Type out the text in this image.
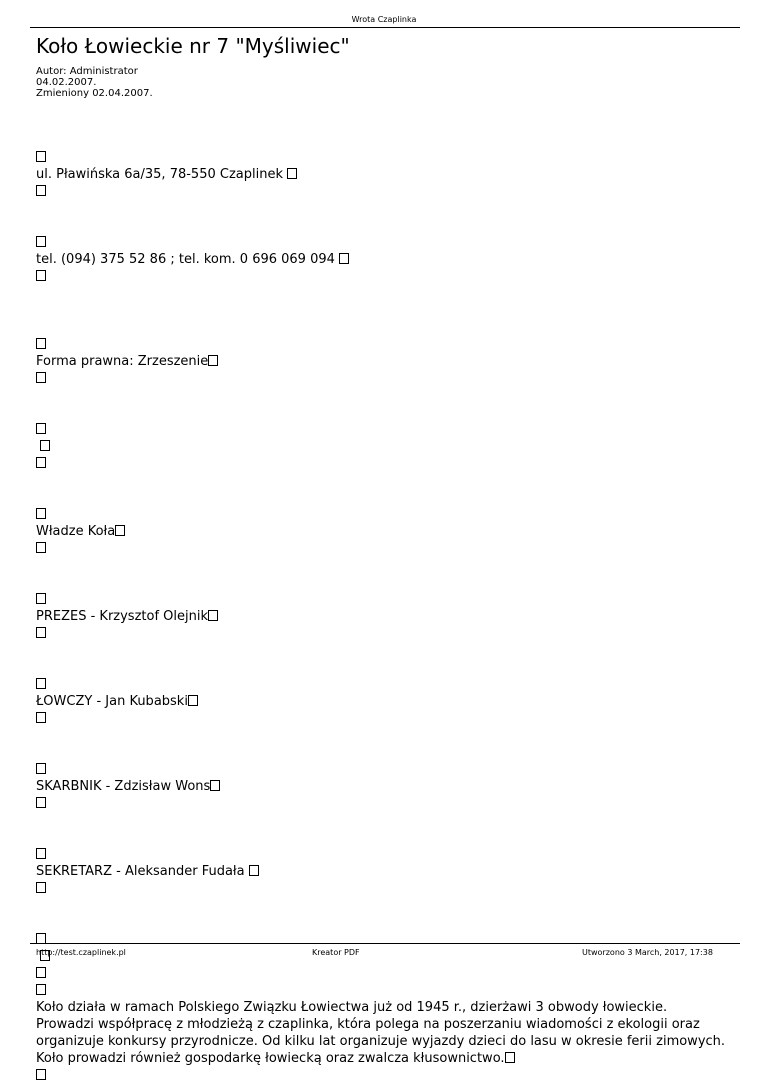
Wrota Czaplinka
Koło Łowieckie nr 7 "Myśliwiec"
Autor: Administrator
04.02.2007.
Zmieniony 02.04.2007.
ul. Pławińska 6a/35, 78-550 Czaplinek
tel. (094) 375 52 86 ; tel. kom. 0 696 069 094
Forma prawna: Zrzeszenie

Władze Koła
PREZES - Krzysztof Olejnik
ŁOWCZY - Jan Kubabski
SKARBNIK - Zdzisław Wons
SEKRETARZ - Aleksander Fudała

Koło działa w ramach Polskiego Związku Łowiectwa już od 1945 r., dzierżawi 3 obwody łowieckie. Prowadzi współpracę z młodzieżą z czaplinka, która polega na poszerzaniu wiadomości z ekologii oraz organizuje konkursy przyrodnicze. Od kilku lat organizuje wyjazdy dzieci do lasu w okresie ferii zimowych. Koło prowadzi również gospodarkę łowiecką oraz zwalcza kłusownictwo.
http://test.czaplinek.pl	Kreator PDF	Utworzono 3 March, 2017, 17:38
